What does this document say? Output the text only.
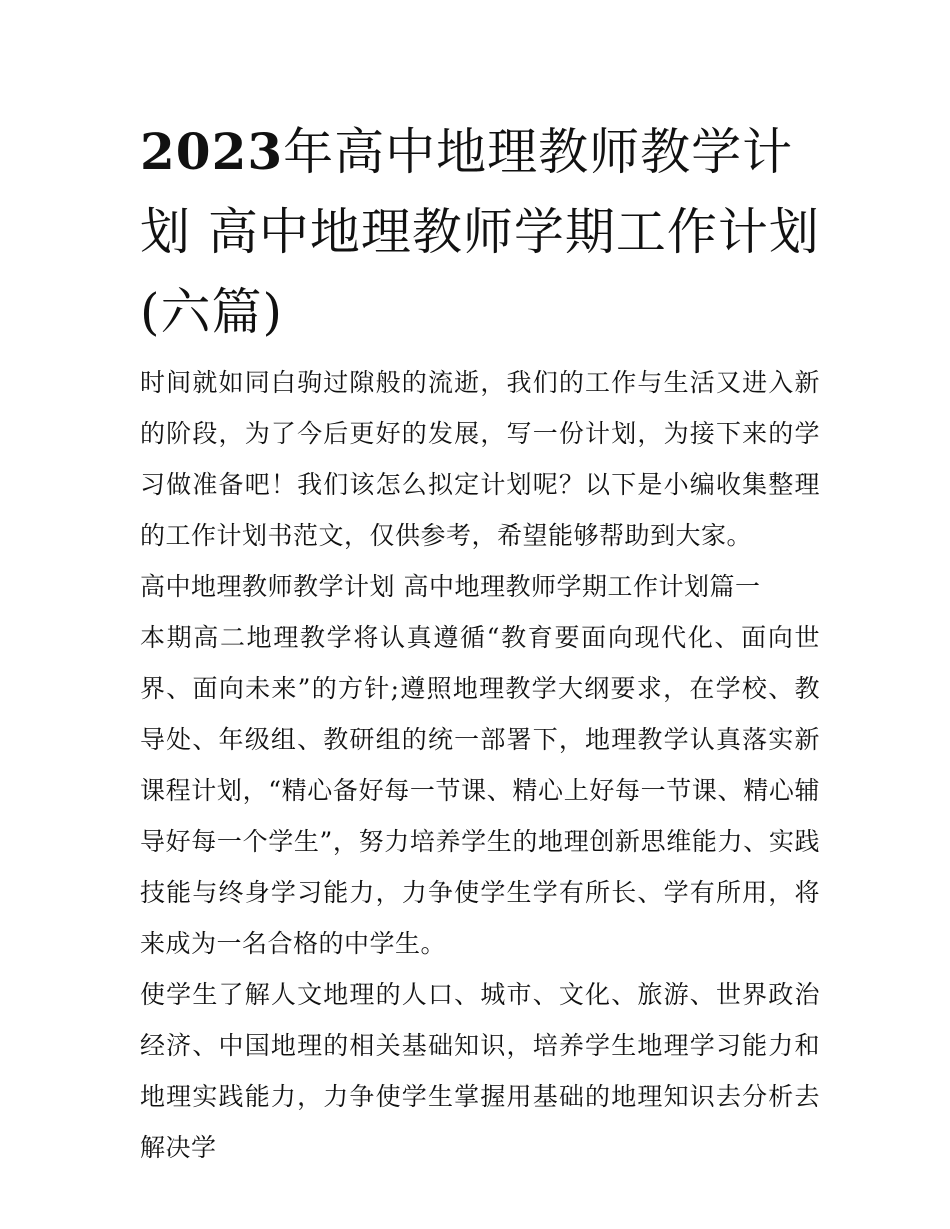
2023年高中地理教师教学计划 高中地理教师学期工作计划(六篇)

时间就如同白驹过隙般的流逝，我们的工作与生活又进入新的阶段，为了今后更好的发展，写一份计划，为接下来的学习做准备吧！我们该怎么拟定计划呢？以下是小编收集整理的工作计划书范文，仅供参考，希望能够帮助到大家。

高中地理教师教学计划 高中地理教师学期工作计划篇一

本期高二地理教学将认真遵循“教育要面向现代化、面向世界、面向未来”的方针;遵照地理教学大纲要求，在学校、教导处、年级组、教研组的统一部署下，地理教学认真落实新课程计划，“精心备好每一节课、精心上好每一节课、精心辅导好每一个学生”，努力培养学生的地理创新思维能力、实践技能与终身学习能力，力争使学生学有所长、学有所用，将来成为一名合格的中学生。

使学生了解人文地理的人口、城市、文化、旅游、世界政治经济、中国地理的相关基础知识，培养学生地理学习能力和地理实践能力，力争使学生掌握用基础的地理知识去分析去解决学
